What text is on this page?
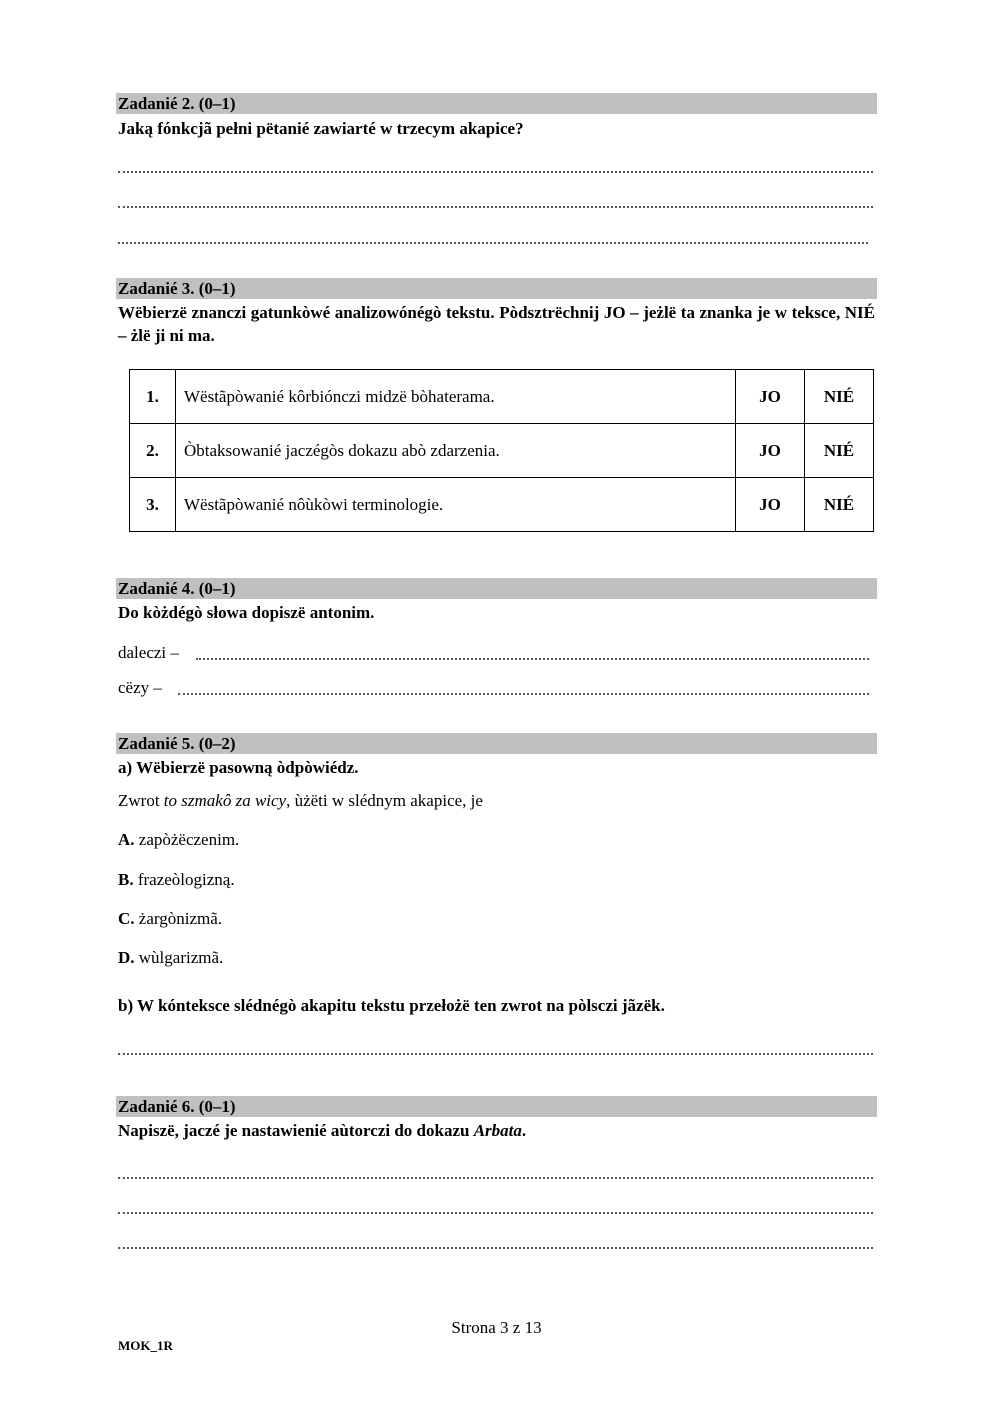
Zadanié 2. (0–1)
Jaką fónkcjã pełni pëtanié zawiarté w trzecym akapice?
Zadanié 3. (0–1)
Wëbierzë znanczi gatunkòwé analizowónégò tekstu. Pòdsztrëchnij JO – jeżlë ta znanka je w teksce, NIÉ – żlë ji ni ma.
1.	Wëstãpòwanié kôrbiónczi midzë bòhaterama.	JO	NIÉ
2.	Òbtaksowanié jaczégòs dokazu abò zdarzenia.	JO	NIÉ
3.	Wëstãpòwanié nôùkòwi terminologie.	JO	NIÉ
Zadanié 4. (0–1)
Do kòżdégò słowa dopiszë antonim.
daleczi –
cëzy –
Zadanié 5. (0–2)
a) Wëbierzë pasowną òdpòwiédz.
Zwrot to szmakô za wicy, ùżëti w slédnym akapice, je
A. zapòżëczenim.
B. frazeòlogizną.
C. żargònizmã.
D. wùlgarizmã.
b) W kóntekscе slédnégò akapitu tekstu przełożë ten zwrot na pòlsczi jãzëk.
Zadanié 6. (0–1)
Napiszë, jaczé je nastawienié aùtorczi do dokazu Arbata.
Strona 3 z 13
MOK_1R
